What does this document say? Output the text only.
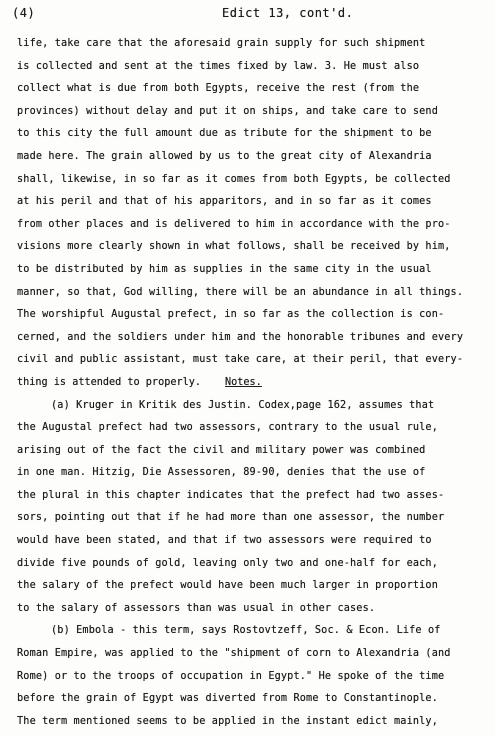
(4)	Edict 13, cont'd.
life, take care that the aforesaid grain supply for such shipment
is collected and sent at the times fixed by law. 3. He must also
collect what is due from both Egypts, receive the rest (from the
provinces) without delay and put it on ships, and take care to send
to this city the full amount due as tribute for the shipment to be
made here. The grain allowed by us to the great city of Alexandria
shall, likewise, in so far as it comes from both Egypts, be collected
at his peril and that of his apparitors, and in so far as it comes
from other places and is delivered to him in accordance with the pro-
visions more clearly shown in what follows, shall be received by him,
to be distributed by him as supplies in the same city in the usual
manner, so that, God willing, there will be an abundance in all things.
The worshipful Augustal prefect, in so far as the collection is con-
cerned, and the soldiers under him and the honorable tribunes and every
civil and public assistant, must take care, at their peril, that every-
thing is attended to properly. Notes.
(a) Kruger in Kritik des Justin. Codex,page 162, assumes that
the Augustal prefect had two assessors, contrary to the usual rule,
arising out of the fact the civil and military power was combined
in one man. Hitzig, Die Assessoren, 89-90, denies that the use of
the plural in this chapter indicates that the prefect had two asses-
sors, pointing out that if he had more than one assessor, the number
would have been stated, and that if two assessors were required to
divide five pounds of gold, leaving only two and one-half for each,
the salary of the prefect would have been much larger in proportion
to the salary of assessors than was usual in other cases.
(b) Embola - this term, says Rostovtzeff, Soc. & Econ. Life of
Roman Empire, was applied to the "shipment of corn to Alexandria (and
Rome) or to the troops of occupation in Egypt." He spoke of the time
before the grain of Egypt was diverted from Rome to Constantinople.
The term mentioned seems to be applied in the instant edict mainly,
